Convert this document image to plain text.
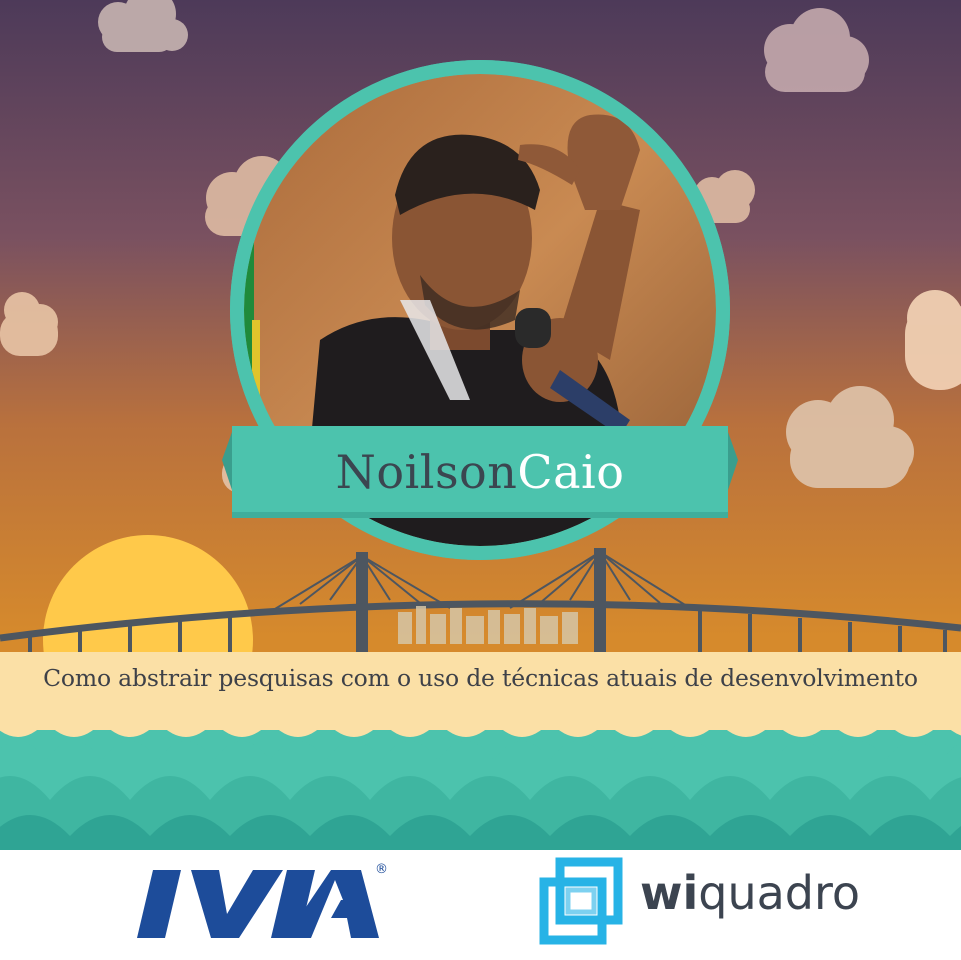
Noilson Caio
Como abstrair pesquisas com o uso de técnicas atuais de desenvolvimento
IVIA	®	wiquadro
